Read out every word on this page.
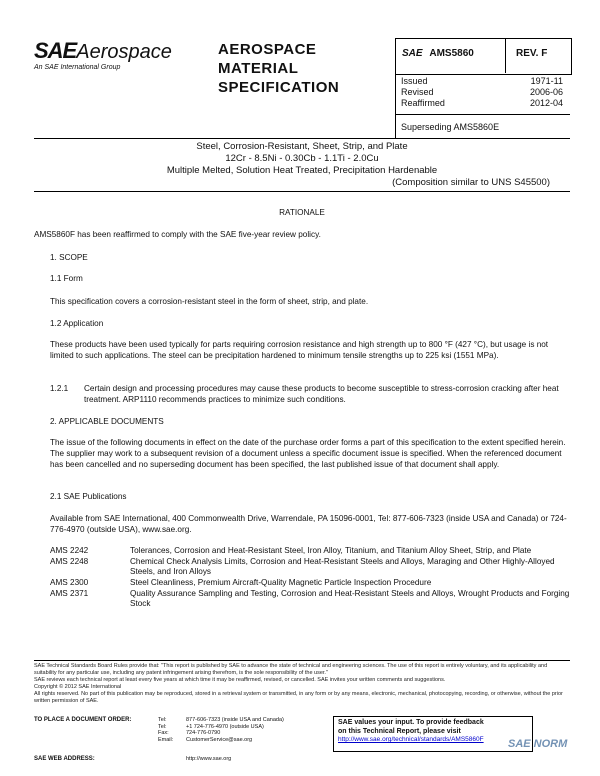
SAEAerospace
An SAE International Group
AEROSPACE
MATERIAL
SPECIFICATION
SAE AMS5860	REV. F
Issued	1971-11
Revised	2006-06
Reaffirmed	2012-04
Superseding AMS5860E
Steel, Corrosion-Resistant, Sheet, Strip, and Plate
12Cr - 8.5Ni - 0.30Cb - 1.1Ti - 2.0Cu
Multiple Melted, Solution Heat Treated, Precipitation Hardenable
(Composition similar to UNS S45500)
RATIONALE
AMS5860F has been reaffirmed to comply with the SAE five-year review policy.
1. SCOPE
1.1 Form
This specification covers a corrosion-resistant steel in the form of sheet, strip, and plate.
1.2 Application
These products have been used typically for parts requiring corrosion resistance and high strength up to 800 °F (427 °C), but usage is not limited to such applications. The steel can be precipitation hardened to minimum tensile strengths up to 225 ksi (1551 MPa).
1.2.1 Certain design and processing procedures may cause these products to become susceptible to stress-corrosion cracking after heat treatment. ARP1110 recommends practices to minimize such conditions.
2. APPLICABLE DOCUMENTS
The issue of the following documents in effect on the date of the purchase order forms a part of this specification to the extent specified herein. The supplier may work to a subsequent revision of a document unless a specific document issue is specified. When the referenced document has been cancelled and no superseding document has been specified, the last published issue of that document shall apply.
2.1 SAE Publications
Available from SAE International, 400 Commonwealth Drive, Warrendale, PA 15096-0001, Tel: 877-606-7323 (inside USA and Canada) or 724-776-4970 (outside USA), www.sae.org.
AMS 2242	Tolerances, Corrosion and Heat-Resistant Steel, Iron Alloy, Titanium, and Titanium Alloy Sheet, Strip, and Plate
AMS 2248	Chemical Check Analysis Limits, Corrosion and Heat-Resistant Steels and Alloys, Maraging and Other Highly-Alloyed Steels, and Iron Alloys
AMS 2300	Steel Cleanliness, Premium Aircraft-Quality Magnetic Particle Inspection Procedure
AMS 2371	Quality Assurance Sampling and Testing, Corrosion and Heat-Resistant Steels and Alloys, Wrought Products and Forging Stock
SAE Technical Standards Board Rules provide that: "This report is published by SAE to advance the state of technical and engineering sciences. The use of this report is entirely voluntary, and its applicability and suitability for any particular use, including any patent infringement arising therefrom, is the sole responsibility of the user."
SAE reviews each technical report at least every five years at which time it may be reaffirmed, revised, or cancelled. SAE invites your written comments and suggestions.
Copyright © 2012 SAE International
All rights reserved. No part of this publication may be reproduced, stored in a retrieval system or transmitted, in any form or by any means, electronic, mechanical, photocopying, recording, or otherwise, without the prior written permission of SAE.
TO PLACE A DOCUMENT ORDER:	Tel:	877-606-7323 (inside USA and Canada)
Tel:	+1 724-776-4970 (outside USA)
Fax:	724-776-0790
Email:	CustomerService@sae.org
SAE WEB ADDRESS:	http://www.sae.org
SAE values your input. To provide feedback
on this Technical Report, please visit
http://www.sae.org/technical/standards/AMS5860F	SAE NORM
